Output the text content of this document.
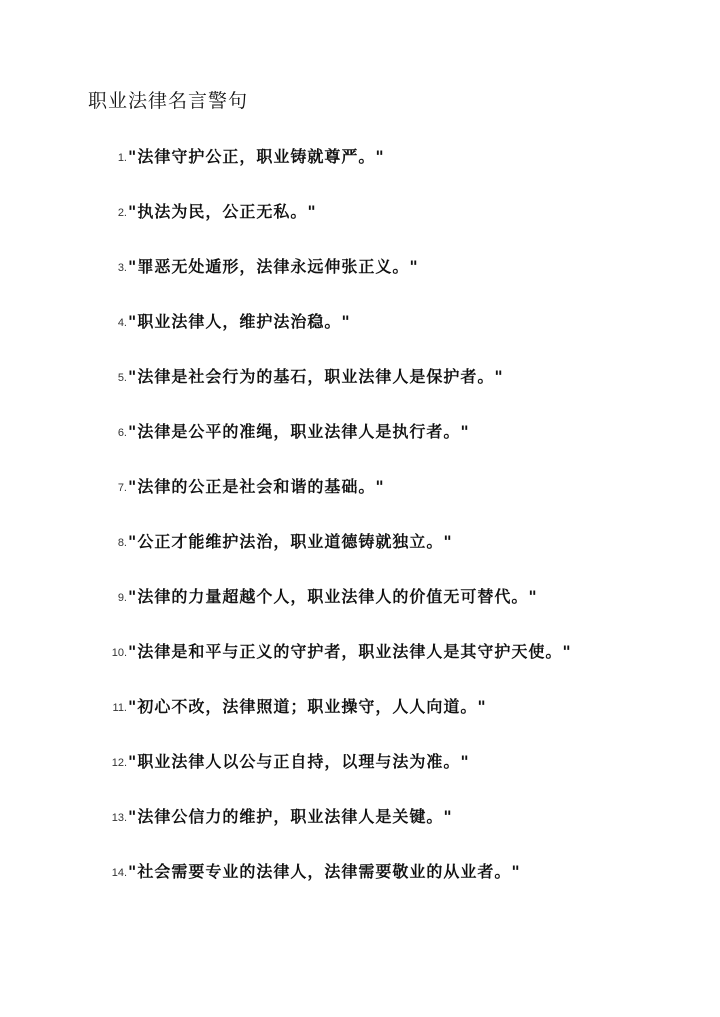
职业法律名言警句
1. "法律守护公正，职业铸就尊严。"
2. "执法为民，公正无私。"
3. "罪恶无处遁形，法律永远伸张正义。"
4. "职业法律人，维护法治稳。"
5. "法律是社会行为的基石，职业法律人是保护者。"
6. "法律是公平的准绳，职业法律人是执行者。"
7. "法律的公正是社会和谐的基础。"
8. "公正才能维护法治，职业道德铸就独立。"
9. "法律的力量超越个人，职业法律人的价值无可替代。"
10. "法律是和平与正义的守护者，职业法律人是其守护天使。"
11. "初心不改，法律照道；职业操守，人人向道。"
12. "职业法律人以公与正自持，以理与法为准。"
13. "法律公信力的维护，职业法律人是关键。"
14. "社会需要专业的法律人，法律需要敬业的从业者。"
